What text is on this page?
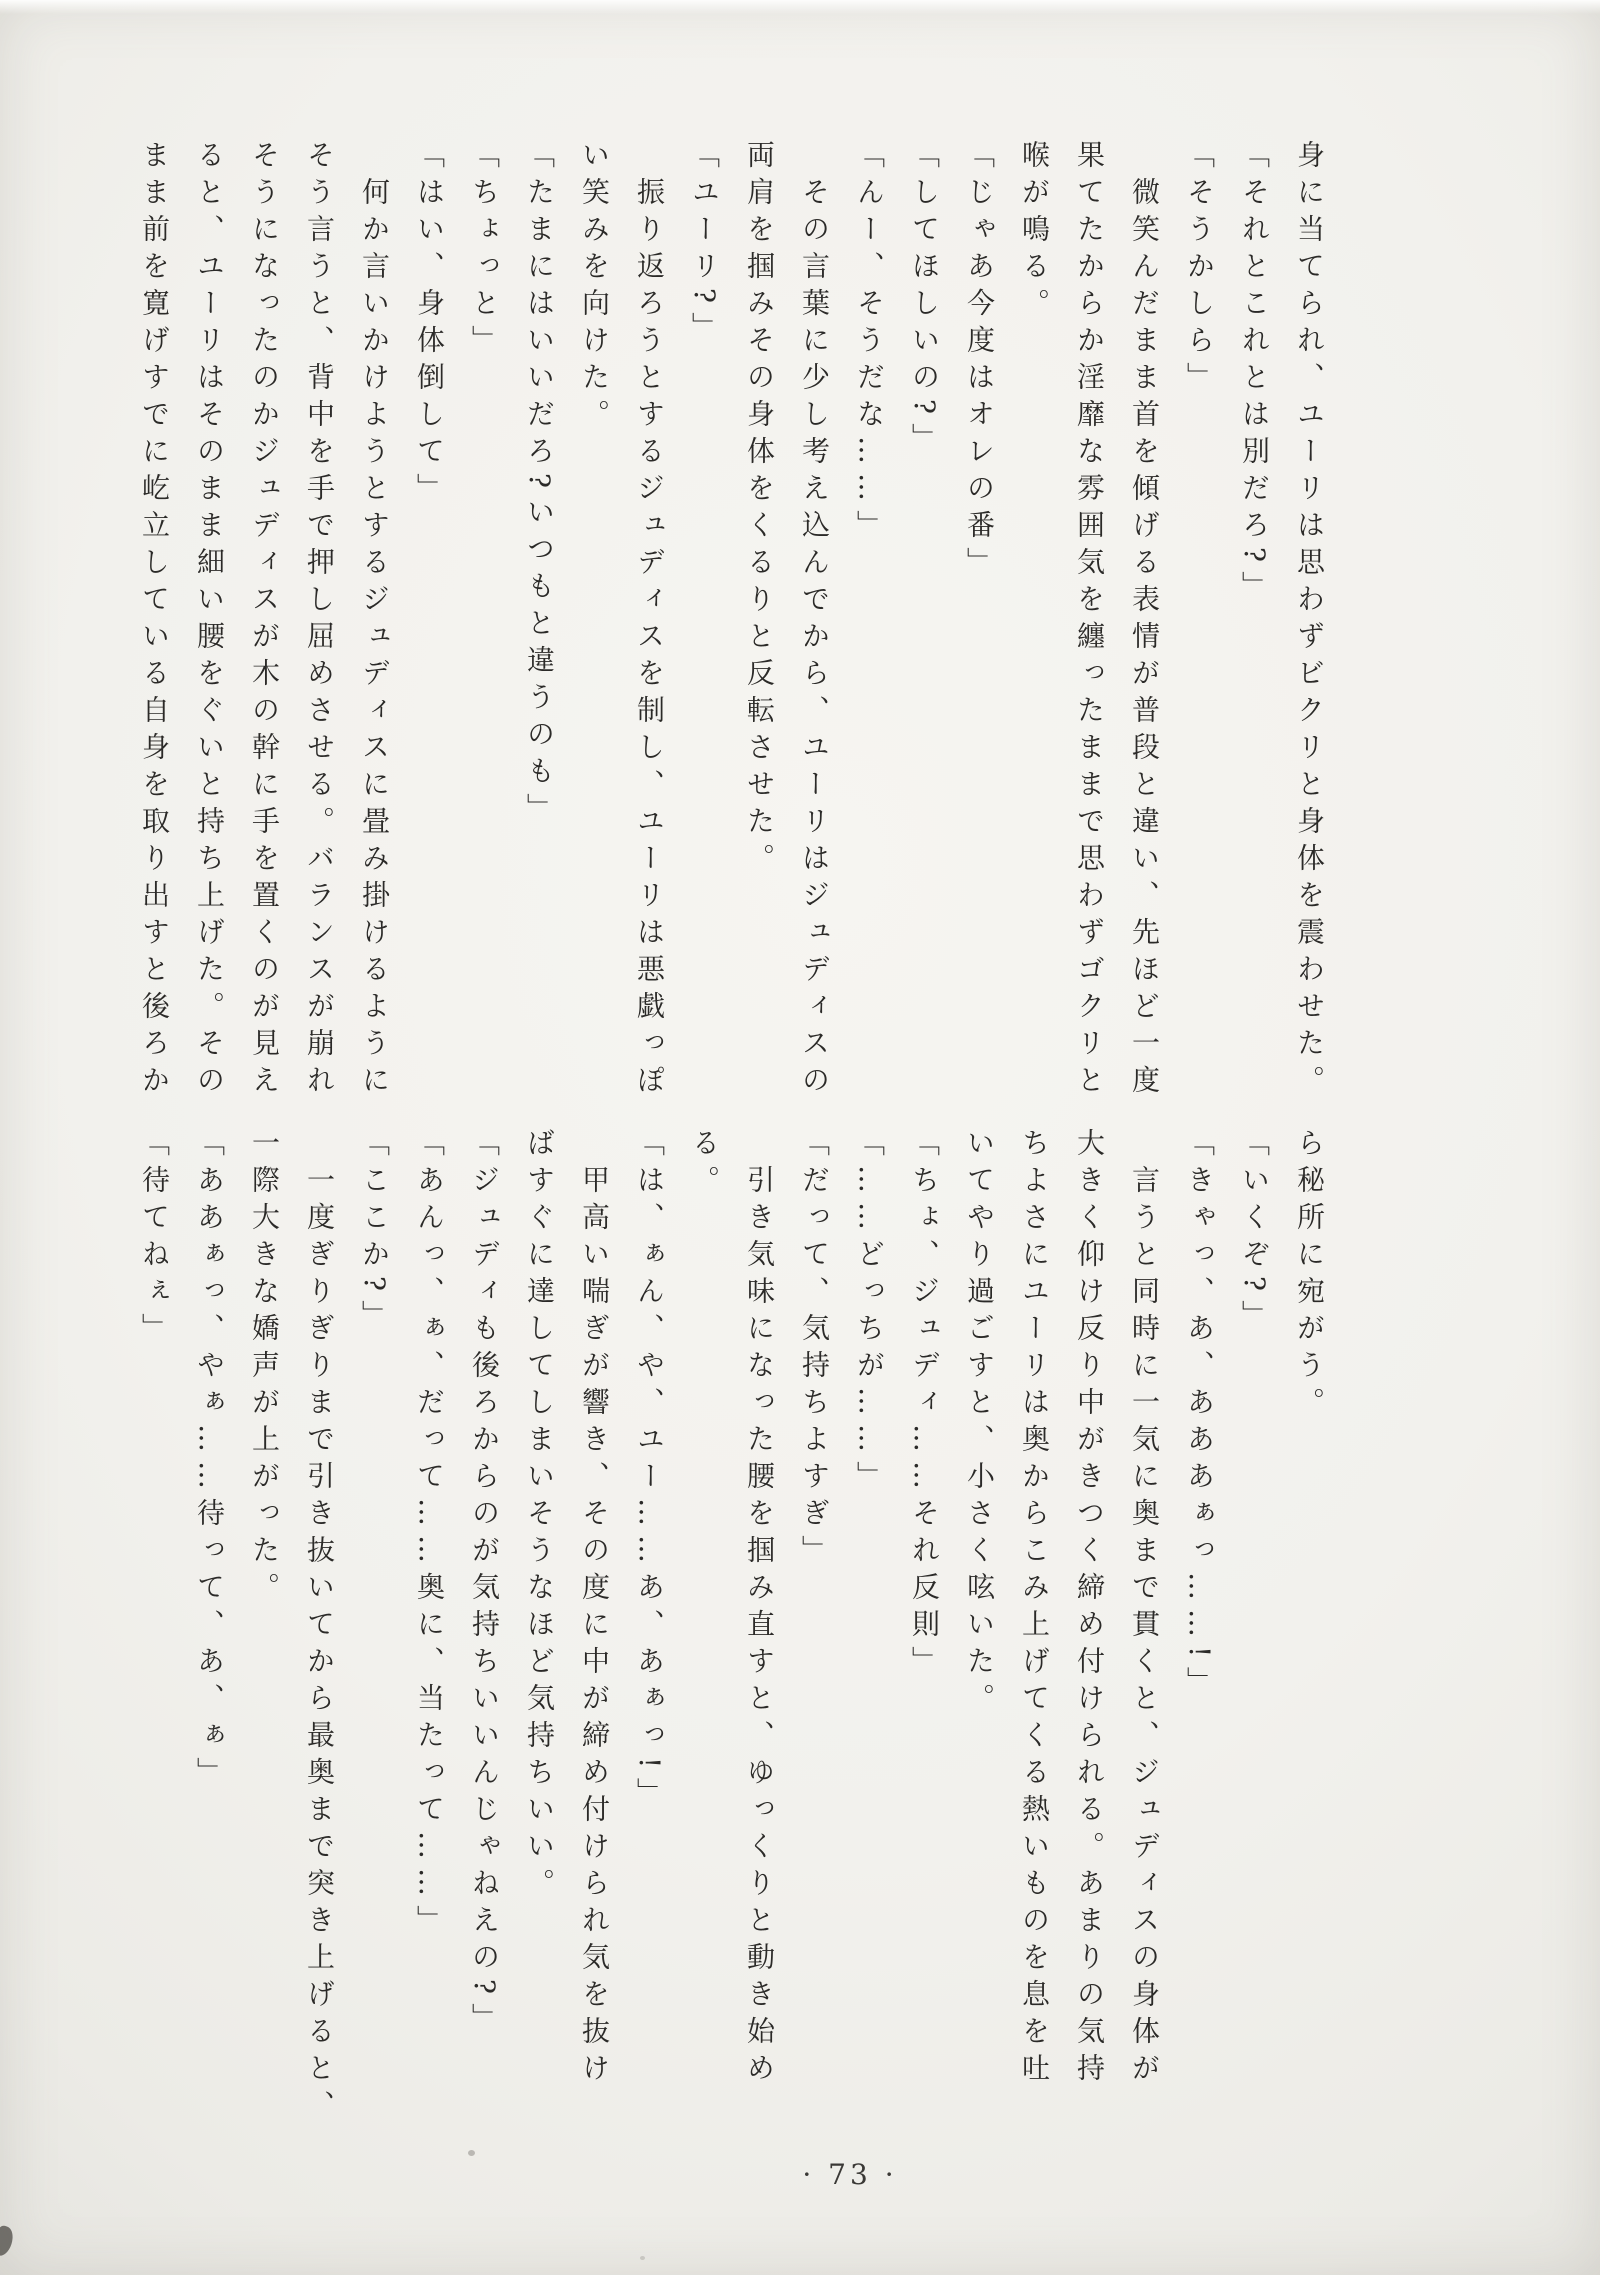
身に当てられ、ユーリは思わずビクリと身体を震わせた。

「それとこれとは別だろ?」

「そうかしら」

　微笑んだまま首を傾げる表情が普段と違い、先ほど一度

果てたからか淫靡な雰囲気を纏ったままで思わずゴクリと

喉が鳴る。

「じゃあ今度はオレの番」

「してほしいの?」

「んー、そうだな……」

　その言葉に少し考え込んでから、ユーリはジュディスの

両肩を掴みその身体をくるりと反転させた。

「ユーリ?」

　振り返ろうとするジュディスを制し、ユーリは悪戯っぽ

い笑みを向けた。

「たまにはいいだろ?いつもと違うのも」

「ちょっと」

「はい、身体倒して」

　何か言いかけようとするジュディスに畳み掛けるように

そう言うと、背中を手で押し屈めさせる。バランスが崩れ

そうになったのかジュディスが木の幹に手を置くのが見え

ると、ユーリはそのまま細い腰をぐいと持ち上げた。その

まま前を寛げすでに屹立している自身を取り出すと後ろか

ら秘所に宛がう。

「いくぞ?」

「きゃっ、あ、あああぁっ……!」

　言うと同時に一気に奥まで貫くと、ジュディスの身体が

大きく仰け反り中がきつく締め付けられる。あまりの気持

ちよさにユーリは奥からこみ上げてくる熱いものを息を吐

いてやり過ごすと、小さく呟いた。

「ちょ、ジュディ……それ反則」

「……どっちが……」

「だって、気持ちよすぎ」

　引き気味になった腰を掴み直すと、ゆっくりと動き始め

る。

「は、ぁん、や、ユー……あ、あぁっ!」

　甲高い喘ぎが響き、その度に中が締め付けられ気を抜け

ばすぐに達してしまいそうなほど気持ちいい。

「ジュディも後ろからのが気持ちいいんじゃねえの?」

「あんっ、ぁ、だって……奥に、当たって……」

「ここか?」

　一度ぎりぎりまで引き抜いてから最奥まで突き上げると、

一際大きな嬌声が上がった。

「ああぁっ、やぁ……待って、あ、ぁ」

「待てねぇ」

· 73 ·
